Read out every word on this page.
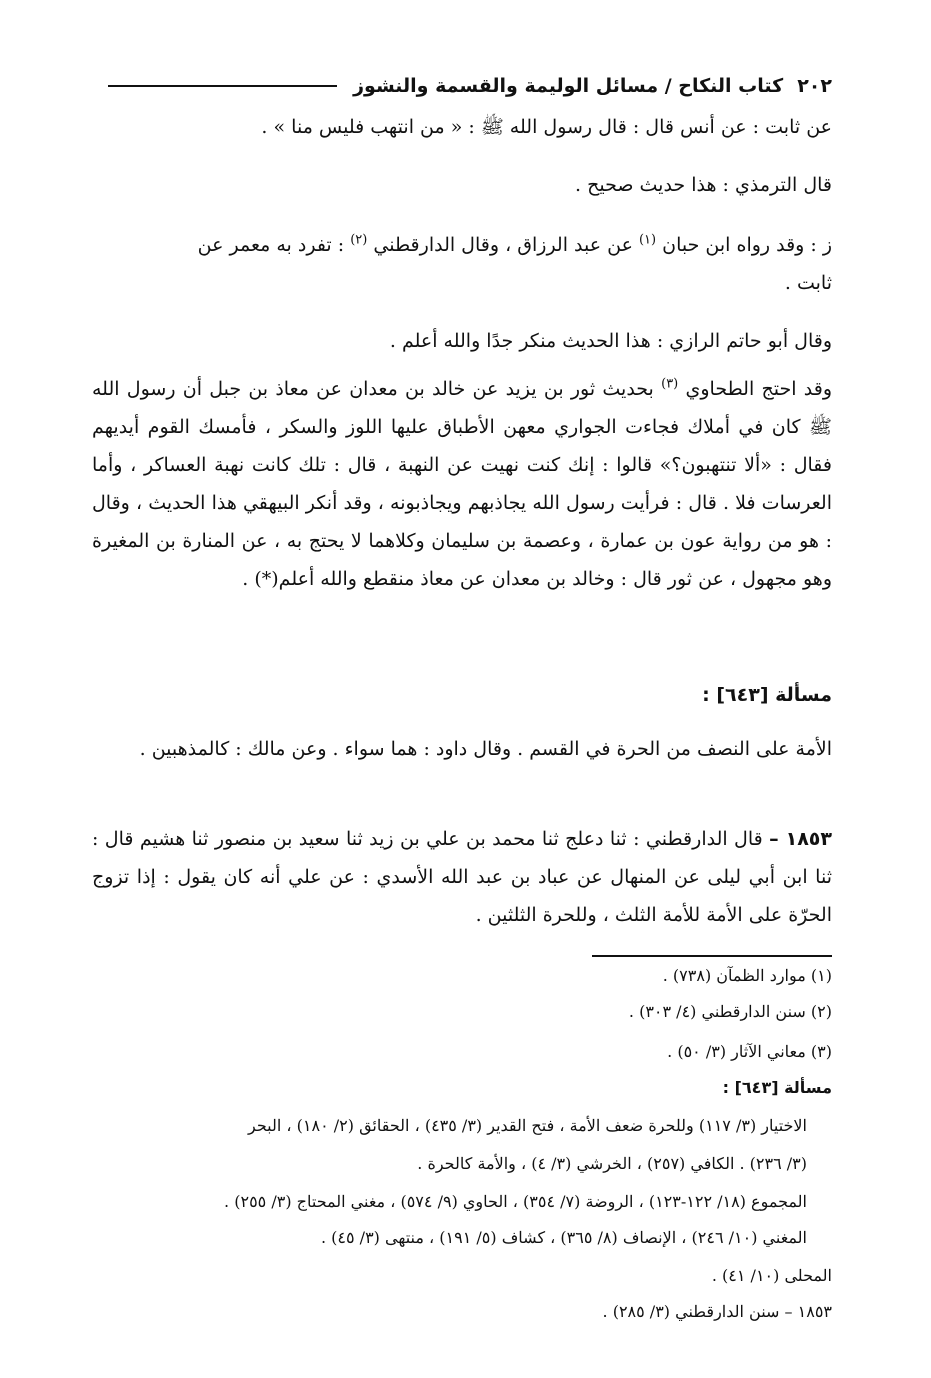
٢٠٢
كتاب النكاح / مسائل الوليمة والقسمة والنشوز

عن ثابت : عن أنس قال : قال رسول الله ﷺ : « من انتهب فليس منا » .

قال الترمذي : هذا حديث صحيح .

ز : وقد رواه ابن حبان $^{(١)}$ عن عبد الرزاق ، وقال الدارقطني $^{(٢)}$ : تفرد به معمر عن

ثابت .

وقال أبو حاتم الرازي : هذا الحديث منكر جدًا والله أعلم .

وقد احتج الطحاوي $^{(٣)}$ بحديث ثور بن يزيد عن خالد بن معدان عن معاذ بن جبل أن رسول الله ﷺ كان في أملاك فجاءت الجواري معهن الأطباق عليها اللوز والسكر ، فأمسك القوم أيديهم فقال : «ألا تنتهبون؟» قالوا : إنك كنت نهيت عن النهبة ، قال : تلك كانت نهبة العساكر ، وأما العرسات فلا . قال : فرأيت رسول الله يجاذبهم ويجاذبونه ، وقد أنكر البيهقي هذا الحديث ، وقال : هو من رواية عون بن عمارة ، وعصمة بن سليمان وكلاهما لا يحتج به ، عن المنارة بن المغيرة وهو مجهول ، عن ثور قال : وخالد بن معدان عن معاذ منقطع والله أعلم(*) .

مسألة [٦٤٣] :

الأمة على النصف من الحرة في القسم . وقال داود : هما سواء . وعن مالك : كالمذهبين .

١٨٥٣ – قال الدارقطني : ثنا دعلج ثنا محمد بن علي بن زيد ثنا سعيد بن منصور ثنا هشيم قال : ثنا ابن أبي ليلى عن المنهال عن عباد بن عبد الله الأسدي : عن علي أنه كان يقول : إذا تزوج الحرّة على الأمة للأمة الثلث ، وللحرة الثلثين .

(١) موارد الظمآن (٧٣٨) .

(٢) سنن الدارقطني (٤/ ٣٠٣) .

(٣) معاني الآثار (٣/ ٥٠) .

مسألة [٦٤٣] :

الاختيار (٣/ ١١٧) وللحرة ضعف الأمة ، فتح القدير (٣/ ٤٣٥) ، الحقائق (٢/ ١٨٠) ، البحر

(٣/ ٢٣٦) . الكافي (٢٥٧) ، الخرشي (٣/ ٤) ، والأمة كالحرة .

المجموع (١٨/ ١٢٢-١٢٣) ، الروضة (٧/ ٣٥٤) ، الحاوي (٩/ ٥٧٤) ، مغني المحتاج (٣/ ٢٥٥) .

المغني (١٠/ ٢٤٦) ، الإنصاف (٨/ ٣٦٥) ، كشاف (٥/ ١٩١) ، منتهى (٣/ ٤٥) .

المحلى (١٠/ ٤١) .

١٨٥٣ – سنن الدارقطني (٣/ ٢٨٥) .
